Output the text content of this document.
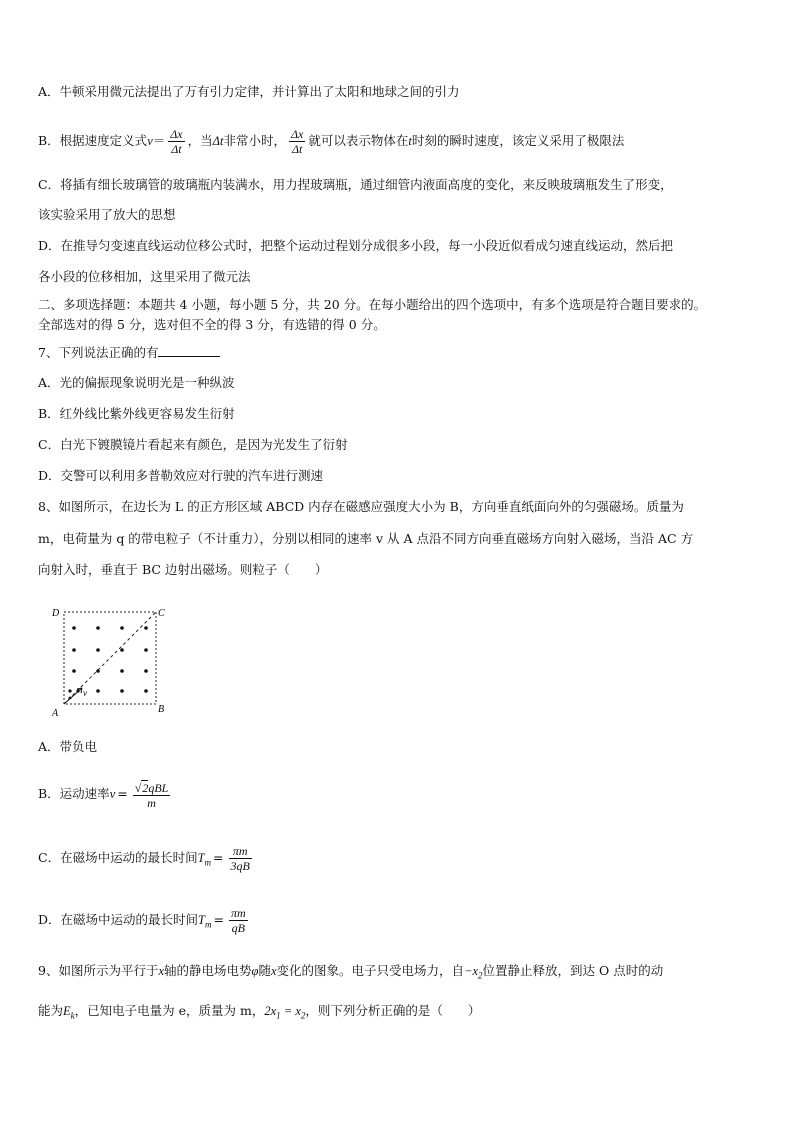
A．牛顿采用微元法提出了万有引力定律，并计算出了太阳和地球之间的引力
B．根据速度定义式$v= \frac{\Delta x}{\Delta t}$ ，当Δt非常小时， $\frac{\Delta x}{\Delta t}$ 就可以表示物体在t时刻的瞬时速度，该定义采用了极限法
C．将插有细长玻璃管的玻璃瓶内装满水，用力捏玻璃瓶，通过细管内液面高度的变化，来反映玻璃瓶发生了形变，
该实验采用了放大的思想
D．在推导匀变速直线运动位移公式时，把整个运动过程划分成很多小段，每一小段近似看成匀速直线运动，然后把
各小段的位移相加，这里采用了微元法
二、多项选择题：本题共 4 小题，每小题 5 分，共 20 分。在每小题给出的四个选项中，有多个选项是符合题目要求的。
全部选对的得 5 分，选对但不全的得 3 分，有选错的得 0 分。
7、下列说法正确的有
A．光的偏振现象说明光是一种纵波
B．红外线比紫外线更容易发生衍射
C．白光下镀膜镜片看起来有颜色，是因为光发生了衍射
D．交警可以利用多普勒效应对行驶的汽车进行测速
8、如图所示，在边长为 L 的正方形区域 ABCD 内存在磁感应强度大小为 B，方向垂直纸面向外的匀强磁场。质量为
m，电荷量为 q 的带电粒子（不计重力），分别以相同的速率 v 从 A 点沿不同方向垂直磁场方向射入磁场，当沿 AC 方
向射入时，垂直于 BC 边射出磁场。则粒子（　　）
D	C
A	B
v
A．带负电
B．运动速率$v = \frac{\text{√2qBL}}{m}$
C．在磁场中运动的最长时间$T_m = \frac{\pi m}{3qB}$
D．在磁场中运动的最长时间$T_m = \frac{\pi m}{qB}$
9、如图所示为平行于x轴的静电场电势φ随x变化的图象。电子只受电场力，自$-x_2$位置静止释放，到达 O 点时的动
能为$E_k$，已知电子电量为 e，质量为 m，$2x_1 = x_2$，则下列分析正确的是（　　）
